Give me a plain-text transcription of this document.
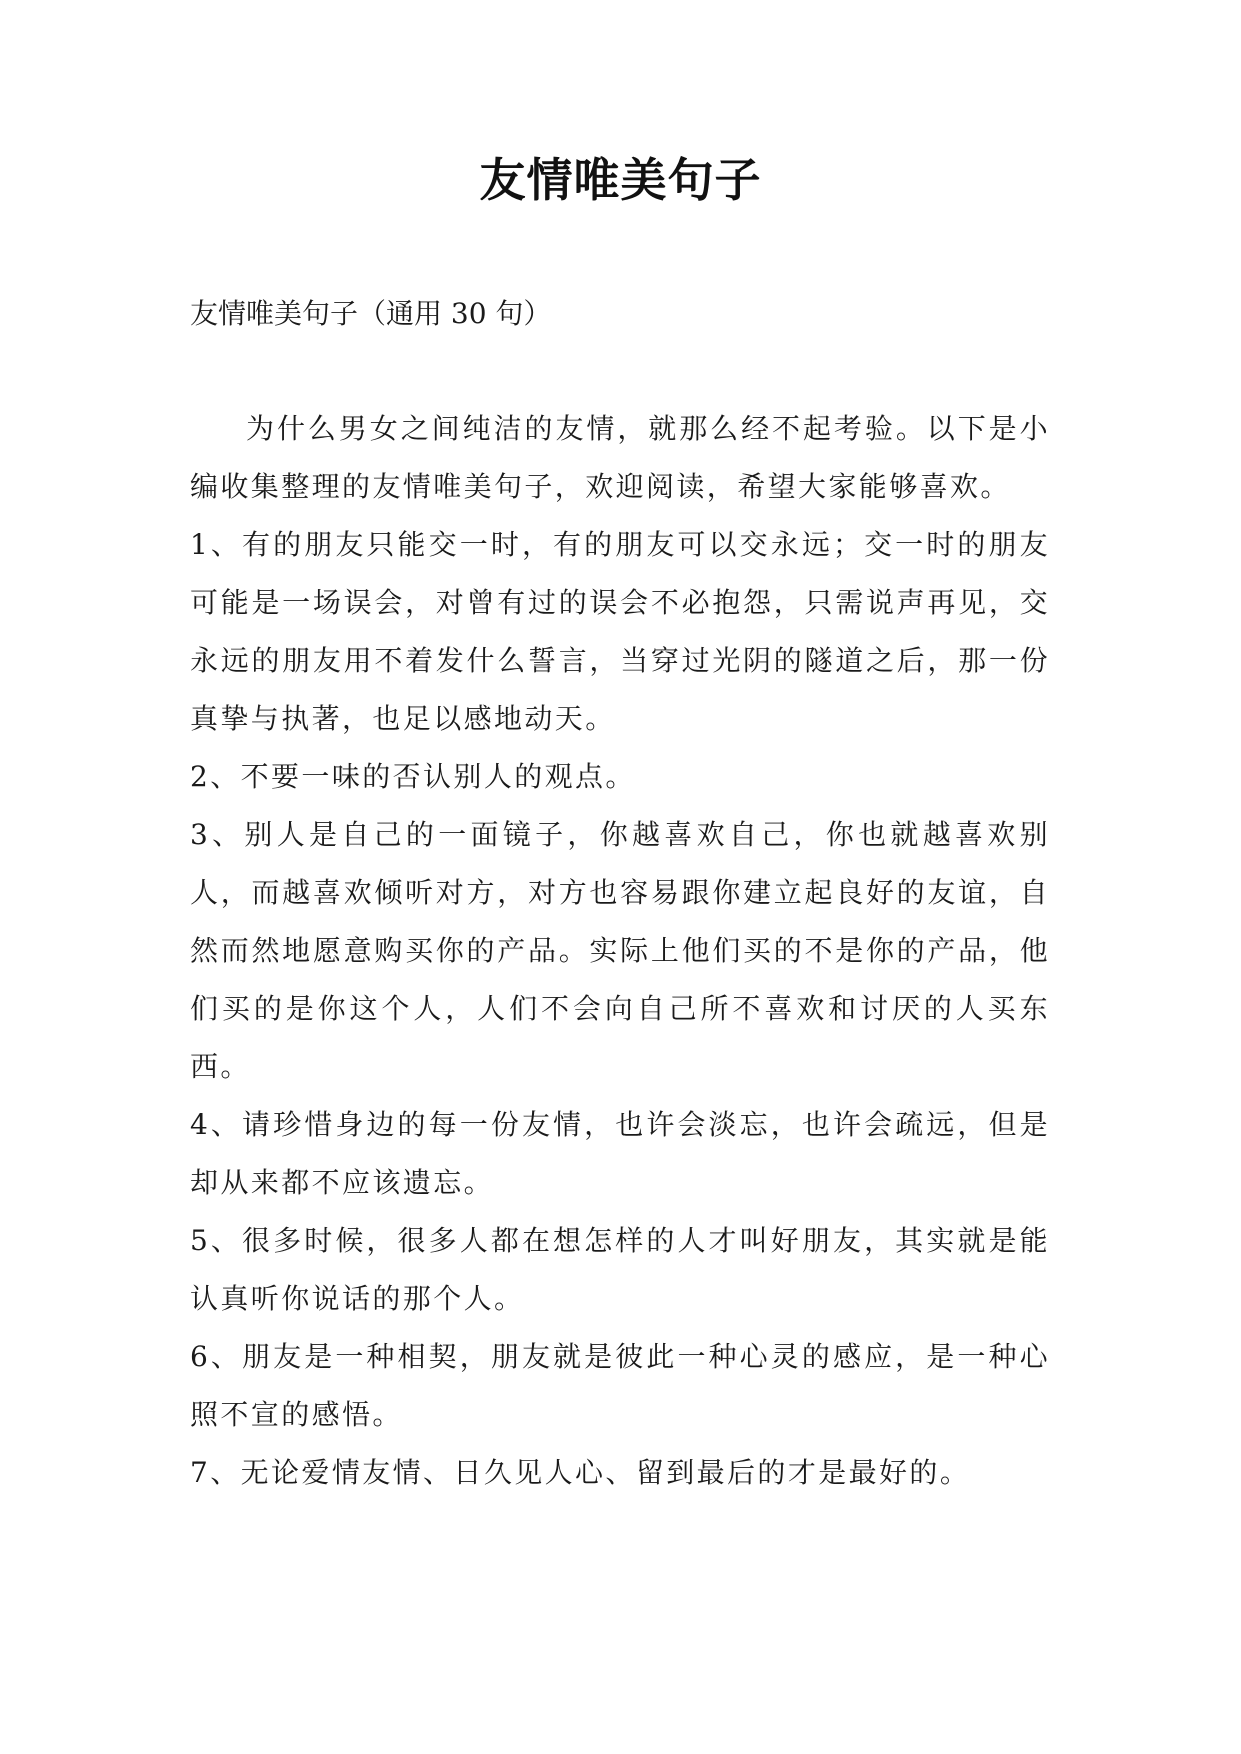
友情唯美句子
友情唯美句子（通用 30 句）

为什么男女之间纯洁的友情，就那么经不起考验。以下是小编收集整理的友情唯美句子，欢迎阅读，希望大家能够喜欢。

1、有的朋友只能交一时，有的朋友可以交永远；交一时的朋友可能是一场误会，对曾有过的误会不必抱怨，只需说声再见，交永远的朋友用不着发什么誓言，当穿过光阴的隧道之后，那一份真挚与执著，也足以感地动天。

2、不要一味的否认别人的观点。

3、别人是自己的一面镜子，你越喜欢自己，你也就越喜欢别人，而越喜欢倾听对方，对方也容易跟你建立起良好的友谊，自然而然地愿意购买你的产品。实际上他们买的不是你的产品，他们买的是你这个人，人们不会向自己所不喜欢和讨厌的人买东西。

4、请珍惜身边的每一份友情，也许会淡忘，也许会疏远，但是却从来都不应该遗忘。

5、很多时候，很多人都在想怎样的人才叫好朋友，其实就是能认真听你说话的那个人。

6、朋友是一种相契，朋友就是彼此一种心灵的感应，是一种心照不宣的感悟。

7、无论爱情友情、日久见人心、留到最后的才是最好的。
